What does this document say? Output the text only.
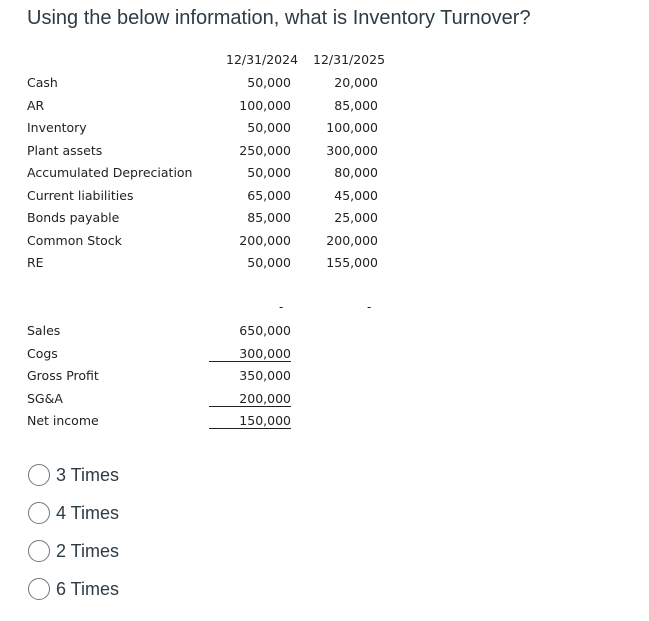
Using the below information, what is Inventory Turnover?
12/31/2024 12/31/2025
Cash	50,000	20,000
AR	100,000	85,000
Inventory	50,000	100,000
Plant assets	250,000	300,000
Accumulated Depreciation	50,000	80,000
Current liabilities	65,000	45,000
Bonds payable	85,000	25,000
Common Stock	200,000	200,000
RE	50,000	155,000
-	-
Sales	650,000
Cogs	300,000
Gross Profit	350,000
SG&A	200,000
Net income	150,000
3 Times
4 Times
2 Times
6 Times
